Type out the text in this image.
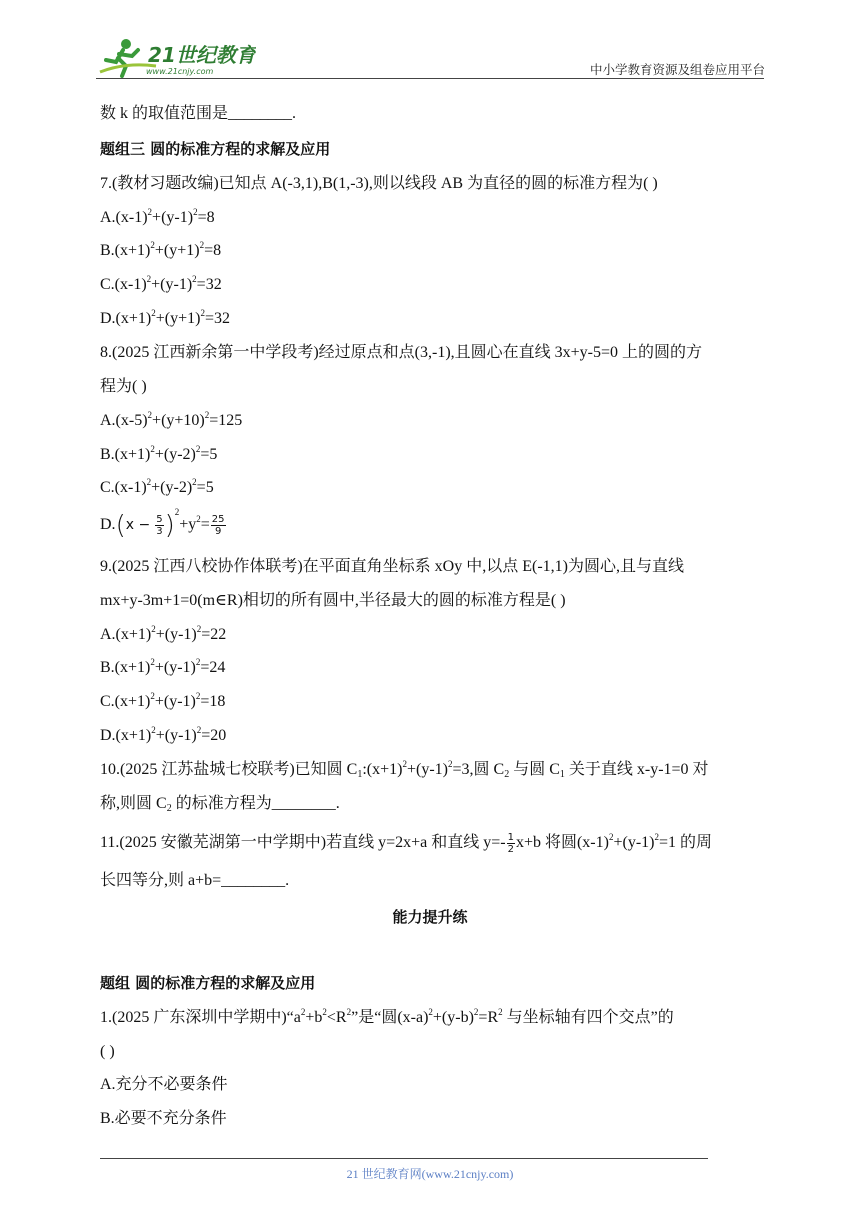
21世纪教育
www.21cnjy.com	中小学教育资源及组卷应用平台
数 k 的取值范围是________.
题组三 圆的标准方程的求解及应用
7.(教材习题改编)已知点 A(-3,1),B(1,-3),则以线段 AB 为直径的圆的标准方程为( )
$A.(x-1)^2+(y-1)^2=8$
$B.(x+1)^2+(y+1)^2=8$
$C.(x-1)^2+(y-1)^2=32$
$D.(x+1)^2+(y+1)^2=32$
8.(2025 江西新余第一中学段考)经过原点和点(3,-1),且圆心在直线 3x+y-5=0 上的圆的方
程为( )
$A.(x-5)^2+(y+10)^2=125$
$B.(x+1)^2+(y-2)^2=5$
$C.(x-1)^2+(y-2)^2=5$
$D.(x - \frac{5}{3} )^2+y^2= \frac{25}{9}$
9.(2025 江西八校协作体联考)在平面直角坐标系 xOy 中,以点 E(-1,1)为圆心,且与直线
mx+y-3m+1=0(m∈R)相切的所有圆中,半径最大的圆的标准方程是( )
$A.(x+1)^2+(y-1)^2=22$
$B.(x+1)^2+(y-1)^2=24$
$C.(x+1)^2+(y-1)^2=18$
$D.(x+1)^2+(y-1)^2=20$
10.(2025 江苏盐城七校联考)已知圆 $C_1:(x+1)^2+(y-1)^2=3$,圆 $C_2$ 与圆 $C_1$ 关于直线 x-y-1=0 对
称,则圆 $C_2$ 的标准方程为________.
11.(2025 安徽芜湖第一中学期中)若直线 y=2x+a 和直线 $y=- \frac{1}{2} x+b$ 将圆$(x-1)^2+(y-1)^2=1$ 的周
长四等分,则 a+b=________.
能力提升练
题组 圆的标准方程的求解及应用
1.(2025 广东深圳中学期中)“$a^2+b^2<R^2$”是“圆$(x-a)^2+(y-b)^2=R^2$ 与坐标轴有四个交点”的
( )
A.充分不必要条件
B.必要不充分条件
21 世纪教育网(www.21cnjy.com)
